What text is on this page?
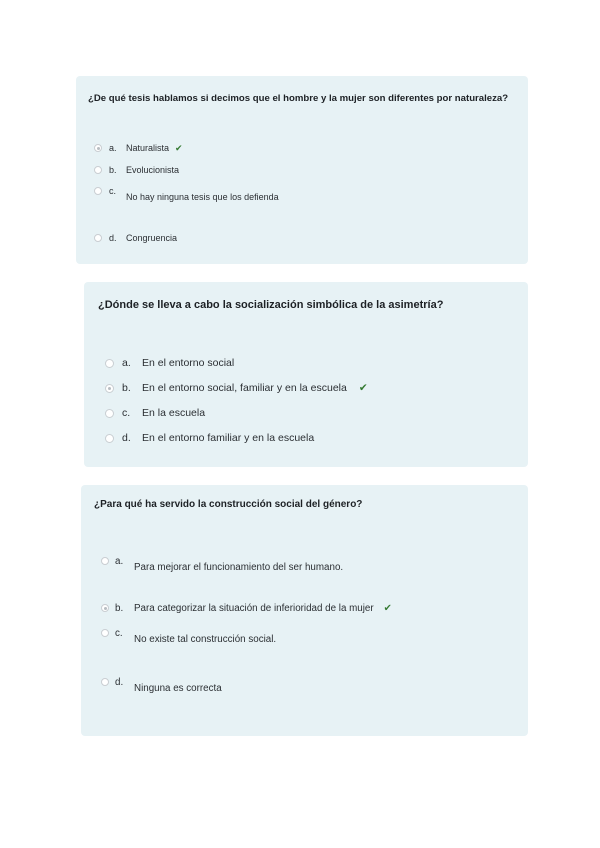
¿De qué tesis hablamos si decimos que el hombre y la mujer son diferentes por naturaleza?
a.	Naturalista ✔
b.	Evolucionista
c.
No hay ninguna tesis que los defienda
d.	Congruencia
¿Dónde se lleva a cabo la socialización simbólica de la asimetría?
a.	En el entorno social
b.	En el entorno social, familiar y en la escuela ✔
c.	En la escuela
d.	En el entorno familiar y en la escuela
¿Para qué ha servido la construcción social del género?
a.
Para mejorar el funcionamiento del ser humano.
b.	Para categorizar la situación de inferioridad de la mujer ✔
c.
No existe tal construcción social.
d.
Ninguna es correcta
